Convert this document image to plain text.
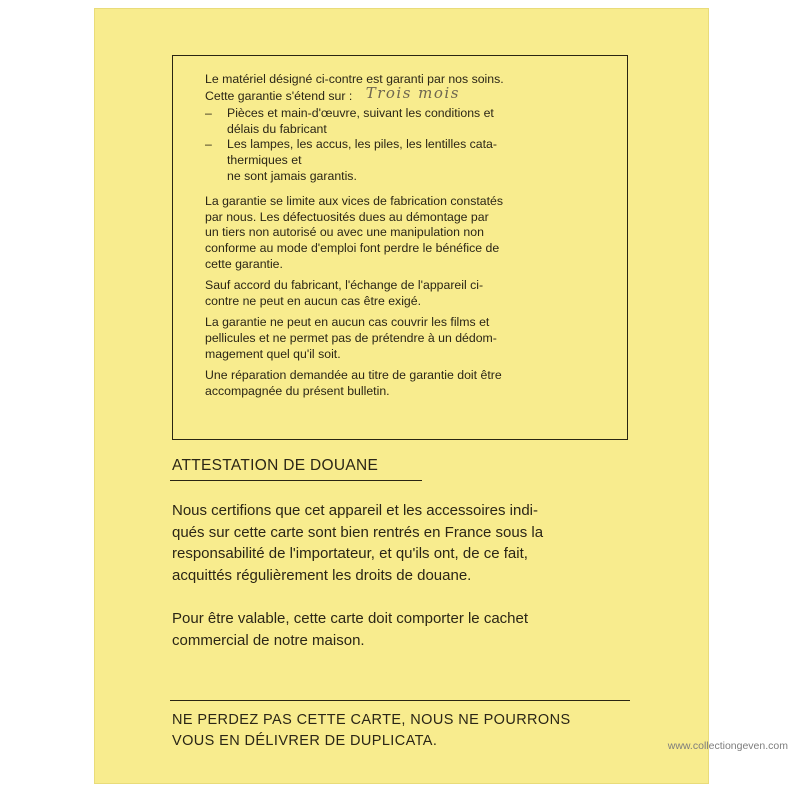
Le matériel désigné ci-contre est garanti par nos soins.
Cette garantie s'étend sur : Trois mois

– Pièces et main-d'œuvre, suivant les conditions et
délais du fabricant
– Les lampes, les accus, les piles, les lentilles cata-
thermiques et

ne sont jamais garantis.

La garantie se limite aux vices de fabrication constatés
par nous. Les défectuosités dues au démontage par
un tiers non autorisé ou avec une manipulation non
conforme au mode d'emploi font perdre le bénéfice de
cette garantie.

Sauf accord du fabricant, l'échange de l'appareil ci-
contre ne peut en aucun cas être exigé.

La garantie ne peut en aucun cas couvrir les films et
pellicules et ne permet pas de prétendre à un dédom-
magement quel qu'il soit.

Une réparation demandée au titre de garantie doit être
accompagnée du présent bulletin.

ATTESTATION DE DOUANE
Nous certifions que cet appareil et les accessoires indi-
qués sur cette carte sont bien rentrés en France sous la
responsabilité de l'importateur, et qu'ils ont, de ce fait,
acquittés régulièrement les droits de douane.
Pour être valable, cette carte doit comporter le cachet
commercial de notre maison.
NE PERDEZ PAS CETTE CARTE, NOUS NE POURRONS
VOUS EN DÉLIVRER DE DUPLICATA.	www.collectiongeven.com
